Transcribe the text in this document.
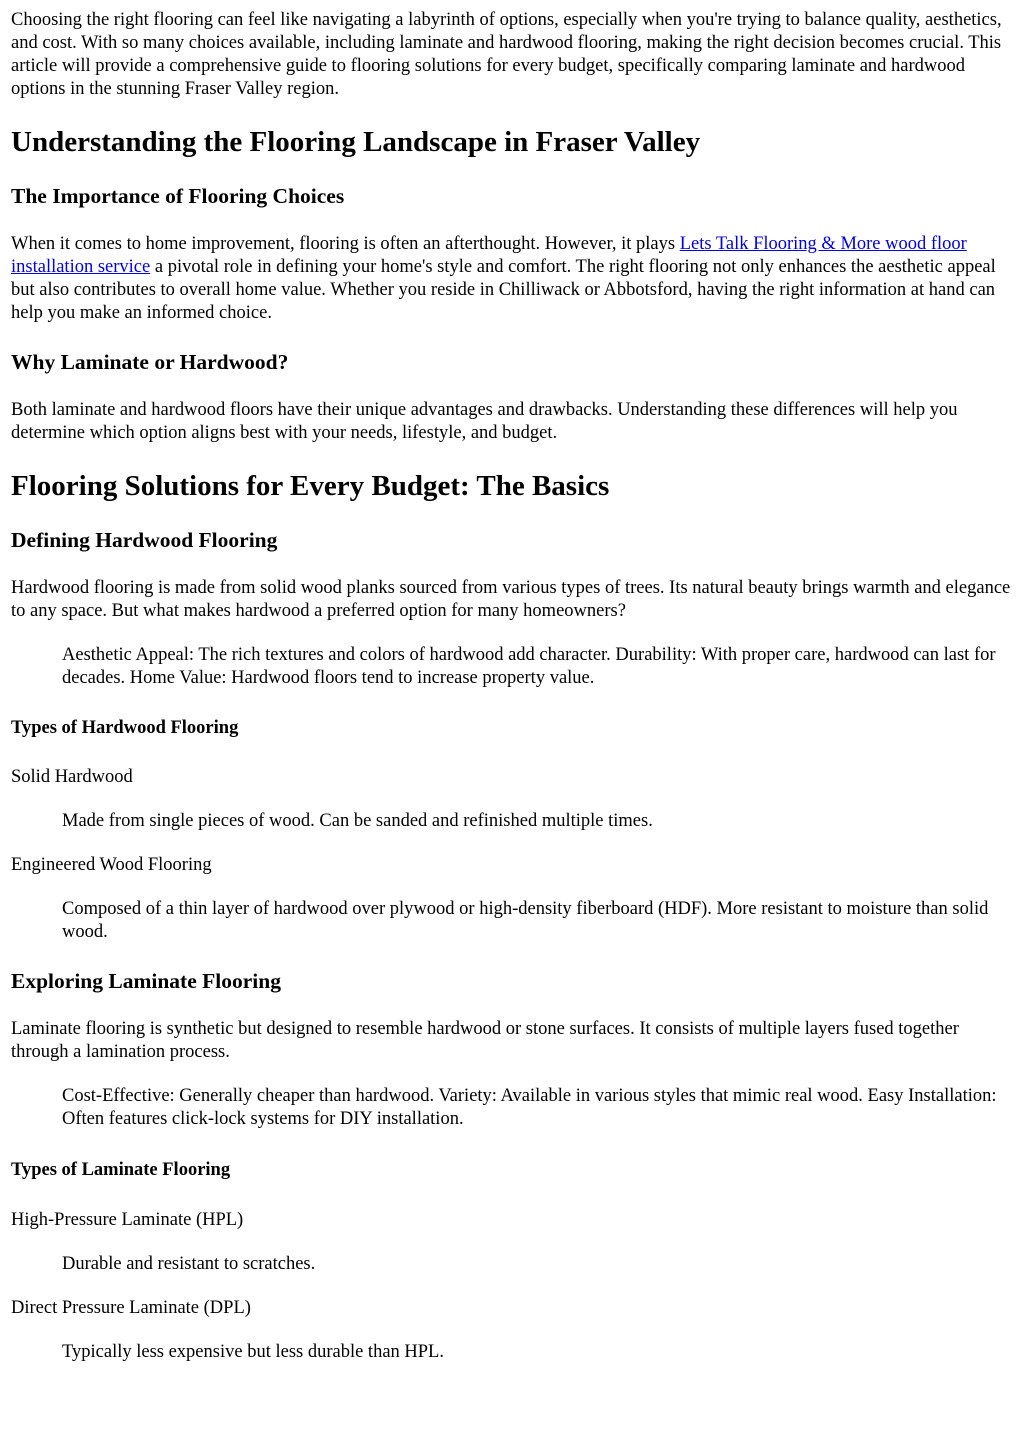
Choosing the right flooring can feel like navigating a labyrinth of options, especially when you're trying to balance quality, aesthetics, and cost. With so many choices available, including laminate and hardwood flooring, making the right decision becomes crucial. This article will provide a comprehensive guide to flooring solutions for every budget, specifically comparing laminate and hardwood options in the stunning Fraser Valley region.

Understanding the Flooring Landscape in Fraser Valley
The Importance of Flooring Choices

When it comes to home improvement, flooring is often an afterthought. However, it plays Lets Talk Flooring & More wood floor installation service a pivotal role in defining your home's style and comfort. The right flooring not only enhances the aesthetic appeal but also contributes to overall home value. Whether you reside in Chilliwack or Abbotsford, having the right information at hand can help you make an informed choice.

Why Laminate or Hardwood?

Both laminate and hardwood floors have their unique advantages and drawbacks. Understanding these differences will help you determine which option aligns best with your needs, lifestyle, and budget.

Flooring Solutions for Every Budget: The Basics
Defining Hardwood Flooring

Hardwood flooring is made from solid wood planks sourced from various types of trees. Its natural beauty brings warmth and elegance to any space. But what makes hardwood a preferred option for many homeowners?

Aesthetic Appeal: The rich textures and colors of hardwood add character. Durability: With proper care, hardwood can last for decades. Home Value: Hardwood floors tend to increase property value.

Types of Hardwood Flooring

Solid Hardwood

Made from single pieces of wood. Can be sanded and refinished multiple times.

Engineered Wood Flooring

Composed of a thin layer of hardwood over plywood or high-density fiberboard (HDF). More resistant to moisture than solid wood.

Exploring Laminate Flooring

Laminate flooring is synthetic but designed to resemble hardwood or stone surfaces. It consists of multiple layers fused together through a lamination process.

Cost-Effective: Generally cheaper than hardwood. Variety: Available in various styles that mimic real wood. Easy Installation: Often features click-lock systems for DIY installation.

Types of Laminate Flooring

High-Pressure Laminate (HPL)

Durable and resistant to scratches.

Direct Pressure Laminate (DPL)

Typically less expensive but less durable than HPL.
